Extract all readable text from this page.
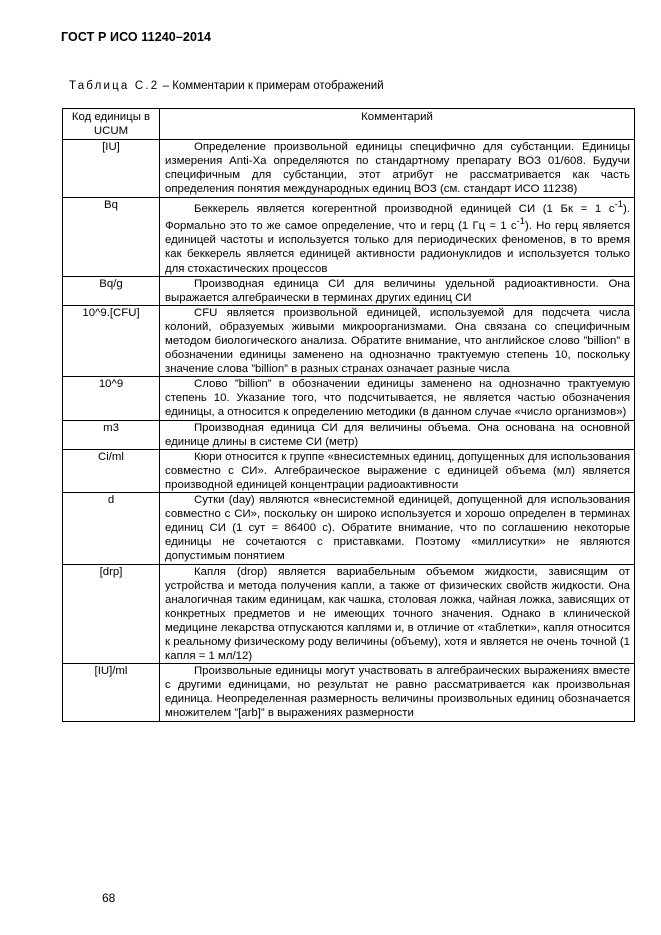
ГОСТ Р ИСО 11240–2014
Таблица С.2 – Комментарии к примерам отображений
Код единицы в UCUM	Комментарий
[IU]	Определение произвольной единицы специфично для субстанции. Единицы измерения Anti-Xa определяются по стандартному препарату ВОЗ 01/608. Будучи специфичным для субстанции, этот атрибут не рассматривается как часть определения понятия международных единиц ВОЗ (см. стандарт ИСО 11238)
Bq	Беккерель является когерентной производной единицей СИ (1 Бк = 1 $с^{-1}$). Формально это то же самое определение, что и герц (1 Гц = 1 $с^{-1}$). Но герц является единицей частоты и используется только для периодических феноменов, в то время как беккерель является единицей активности радионуклидов и используется только для стохастических процессов
Bq/g	Производная единица СИ для величины удельной радиоактивности. Она выражается алгебраически в терминах других единиц СИ
10^9.[CFU]	CFU является произвольной единицей, используемой для подсчета числа колоний, образуемых живыми микроорганизмами. Она связана со специфичным методом биологического анализа. Обратите внимание, что английское слово ”billion” в обозначении единицы заменено на однозначно трактуемую степень 10, поскольку значение слова ”billion” в разных странах означает разные числа
10^9	Слово ”billion” в обозначении единицы заменено на однозначно трактуемую степень 10. Указание того, что подсчитывается, не является частью обозначения единицы, а относится к определению методики (в данном случае «число организмов»)
m3	Производная единица СИ для величины объема. Она основана на основной единице длины в системе СИ (метр)
Ci/ml	Кюри относится к группе «внесистемных единиц, допущенных для использования совместно с СИ». Алгебраическое выражение с единицей объема (мл) является производной единицей концентрации радиоактивности
d	Сутки (day) являются «внесистемной единицей, допущенной для использования совместно с СИ», поскольку он широко используется и хорошо определен в терминах единиц СИ (1 сут = 86400 с). Обратите внимание, что по соглашению некоторые единицы не сочетаются с приставками. Поэтому «миллисутки» не являются допустимым понятием
[drp]	Капля (drop) является вариабельным объемом жидкости, зависящим от устройства и метода получения капли, а также от физических свойств жидкости. Она аналогичная таким единицам, как чашка, столовая ложка, чайная ложка, зависящих от конкретных предметов и не имеющих точного значения. Однако в клинической медицине лекарства отпускаются каплями и, в отличие от «таблетки», капля относится к реальному физическому роду величины (объему), хотя и является не очень точной (1 капля = 1 мл/12)
[IU]/ml	Произвольные единицы могут участвовать в алгебраических выражениях вместе с другими единицами, но результат не равно рассматривается как произвольная единица. Неопределенная размерность величины произвольных единиц обозначается множителем ”[arb]” в выражениях размерности
68
